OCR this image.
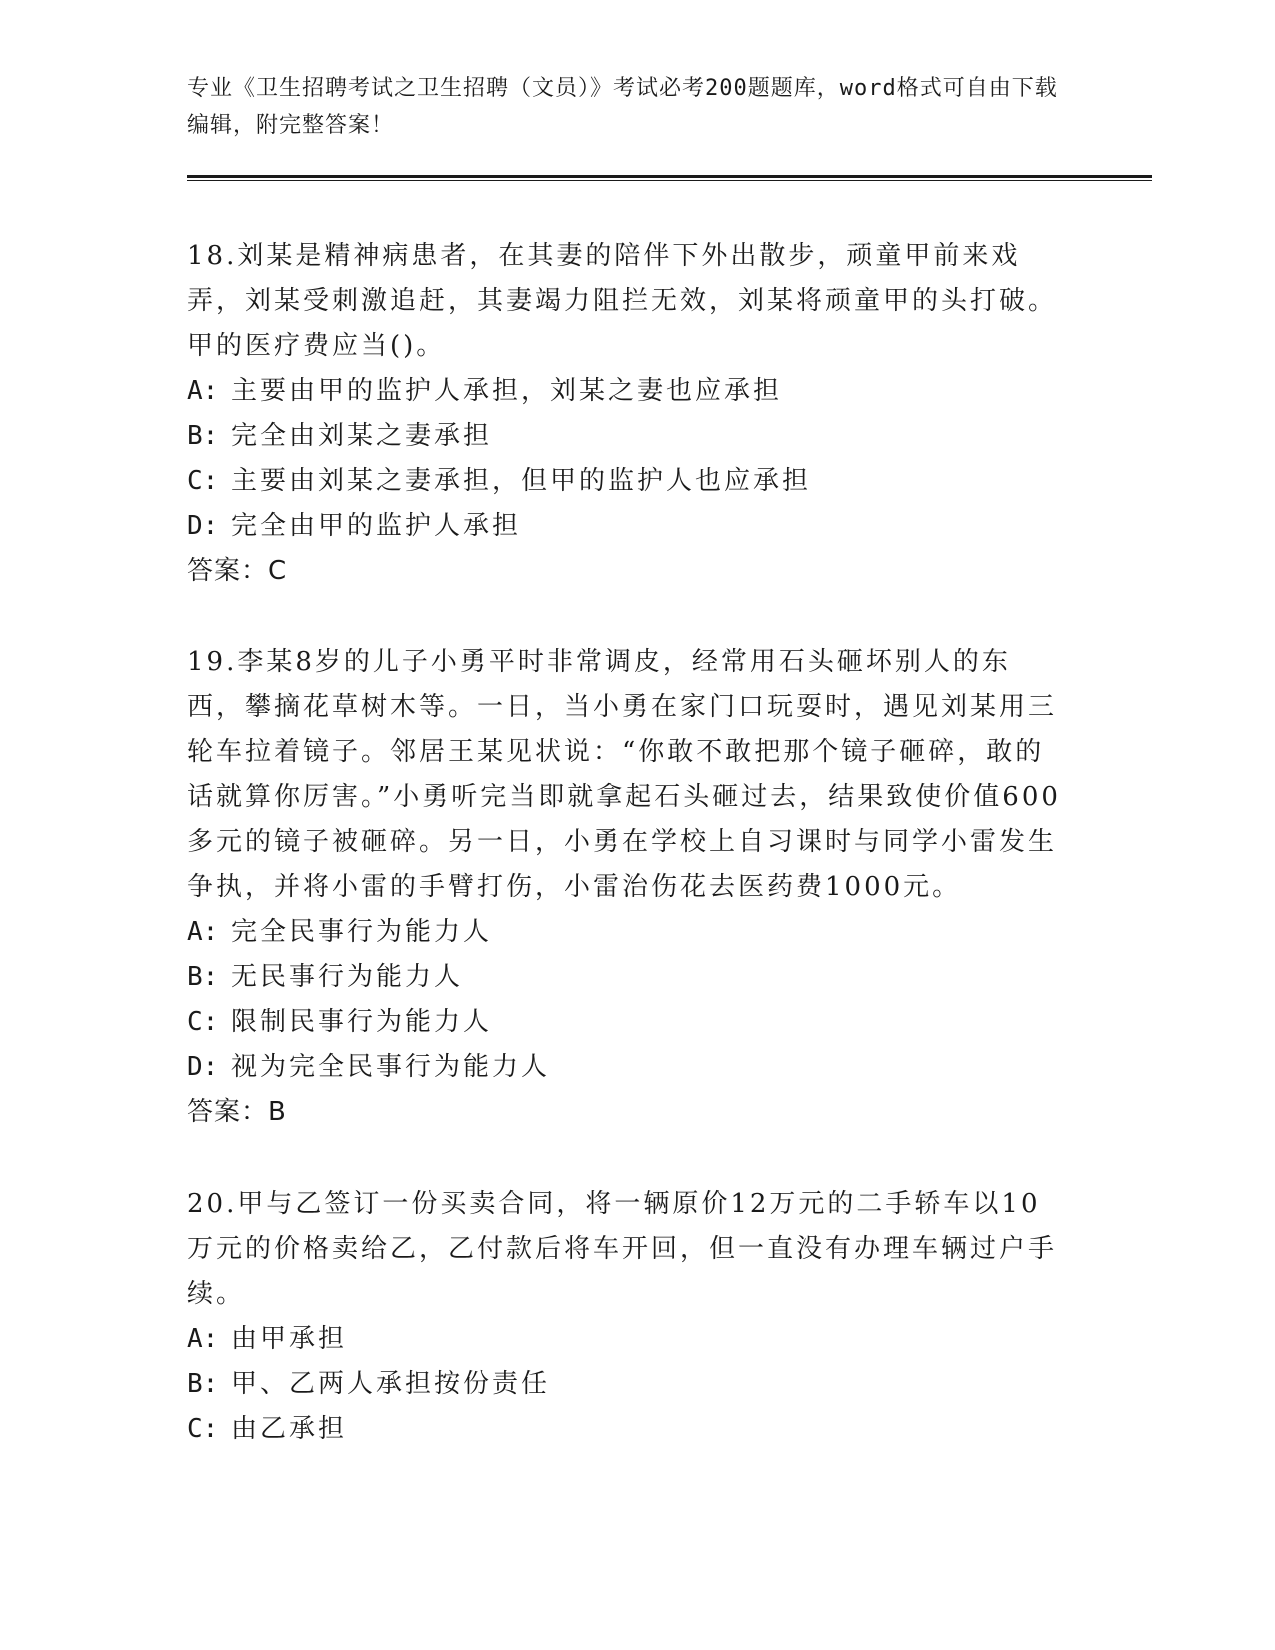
专业《卫生招聘考试之卫生招聘（文员）》考试必考200题题库，word格式可自由下载编辑，附完整答案！

18.刘某是精神病患者，在其妻的陪伴下外出散步，顽童甲前来戏弄，刘某受刺激追赶，其妻竭力阻拦无效，刘某将顽童甲的头打破。甲的医疗费应当()。

A: 主要由甲的监护人承担，刘某之妻也应承担

B: 完全由刘某之妻承担

C: 主要由刘某之妻承担，但甲的监护人也应承担

D: 完全由甲的监护人承担

答案：C

19.李某8岁的儿子小勇平时非常调皮，经常用石头砸坏别人的东西，攀摘花草树木等。一日，当小勇在家门口玩耍时，遇见刘某用三轮车拉着镜子。邻居王某见状说：“你敢不敢把那个镜子砸碎，敢的话就算你厉害。”小勇听完当即就拿起石头砸过去，结果致使价值600多元的镜子被砸碎。另一日，小勇在学校上自习课时与同学小雷发生争执，并将小雷的手臂打伤，小雷治伤花去医药费1000元。

A: 完全民事行为能力人

B: 无民事行为能力人

C: 限制民事行为能力人

D: 视为完全民事行为能力人

答案：B

20.甲与乙签订一份买卖合同，将一辆原价12万元的二手轿车以10万元的价格卖给乙，乙付款后将车开回，但一直没有办理车辆过户手续。

A: 由甲承担

B: 甲、乙两人承担按份责任

C: 由乙承担
